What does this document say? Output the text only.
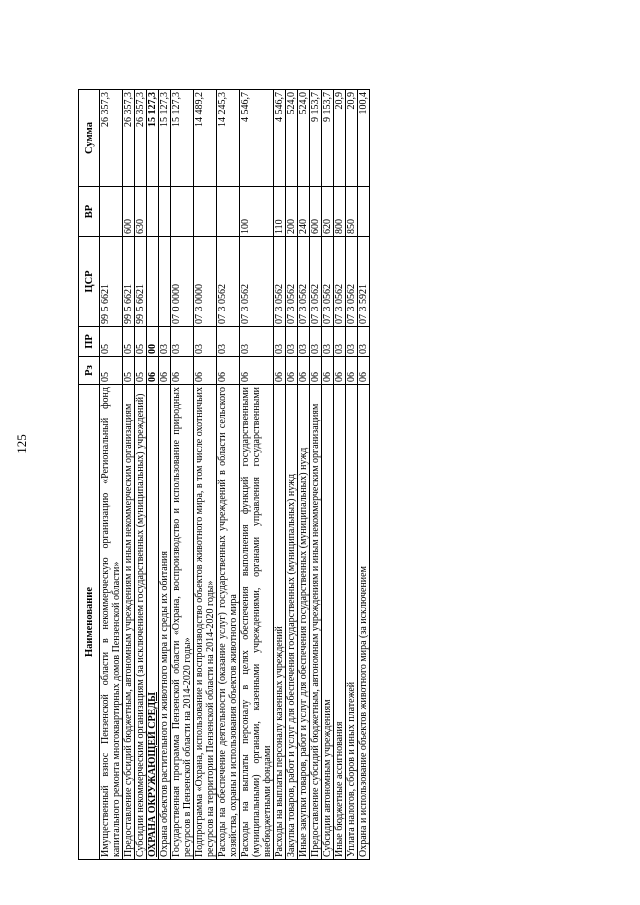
125
Наименование	Рз	ПР	ЦСР	ВР	Сумма
Имущественный взнос Пензенской области в некоммерческую организацию «Региональный фонд капитального ремонта многоквартирных домов Пензенской области»	05	05	99 5 6621		26 357,3
Предоставление субсидий бюджетным, автономным учреждениям и иным некоммерческим организациям	05	05	99 5 6621	600	26 357,3
Субсидии некоммерческим организациям (за исключением государственных (муниципальных) учреждений)	05	05	99 5 6621	630	26 357,3
ОХРАНА ОКРУЖАЮЩЕЙ СРЕДЫ	06	00			15 127,3
Охрана объектов растительного и животного мира и среды их обитания	06	03			15 127,3
Государственная программа Пензенской области «Охрана, воспроизводство и использование природных ресурсов в Пензенской области на 2014-2020 годы»	06	03	07 0 0000		15 127,3
Подпрограмма «Охрана, использование и воспроизводство объектов животного мира, в том числе охотничьих ресурсов на территории Пензенской области на 2014-2020 годы»	06	03	07 3 0000		14 489,2
Расходы на обеспечение деятельности (оказание услуг) государственных учреждений в области сельского хозяйства, охраны и использования объектов животного мира	06	03	07 3 0562		14 245,3
Расходы на выплаты персоналу в целях обеспечения выполнения функций государственными (муниципальными) органами, казенными учреждениями, органами управления государственными внебюджетными фондами	06	03	07 3 0562	100	4 546,7
Расходы на выплаты персоналу казенных учреждений	06	03	07 3 0562	110	4 546,7
Закупка товаров, работ и услуг для обеспечения государственных (муниципальных) нужд	06	03	07 3 0562	200	524,0
Иные закупки товаров, работ и услуг для обеспечения государственных (муниципальных) нужд	06	03	07 3 0562	240	524,0
Предоставление субсидий бюджетным, автономным учреждениям и иным некоммерческим организациям	06	03	07 3 0562	600	9 153,7
Субсидии автономным учреждениям	06	03	07 3 0562	620	9 153,7
Иные бюджетные ассигнования	06	03	07 3 0562	800	20,9
Уплата налогов, сборов и иных платежей	06	03	07 3 0562	850	20,9
Охрана и использование объектов животного мира (за исключением	06	03	07 3 5921		100,4
